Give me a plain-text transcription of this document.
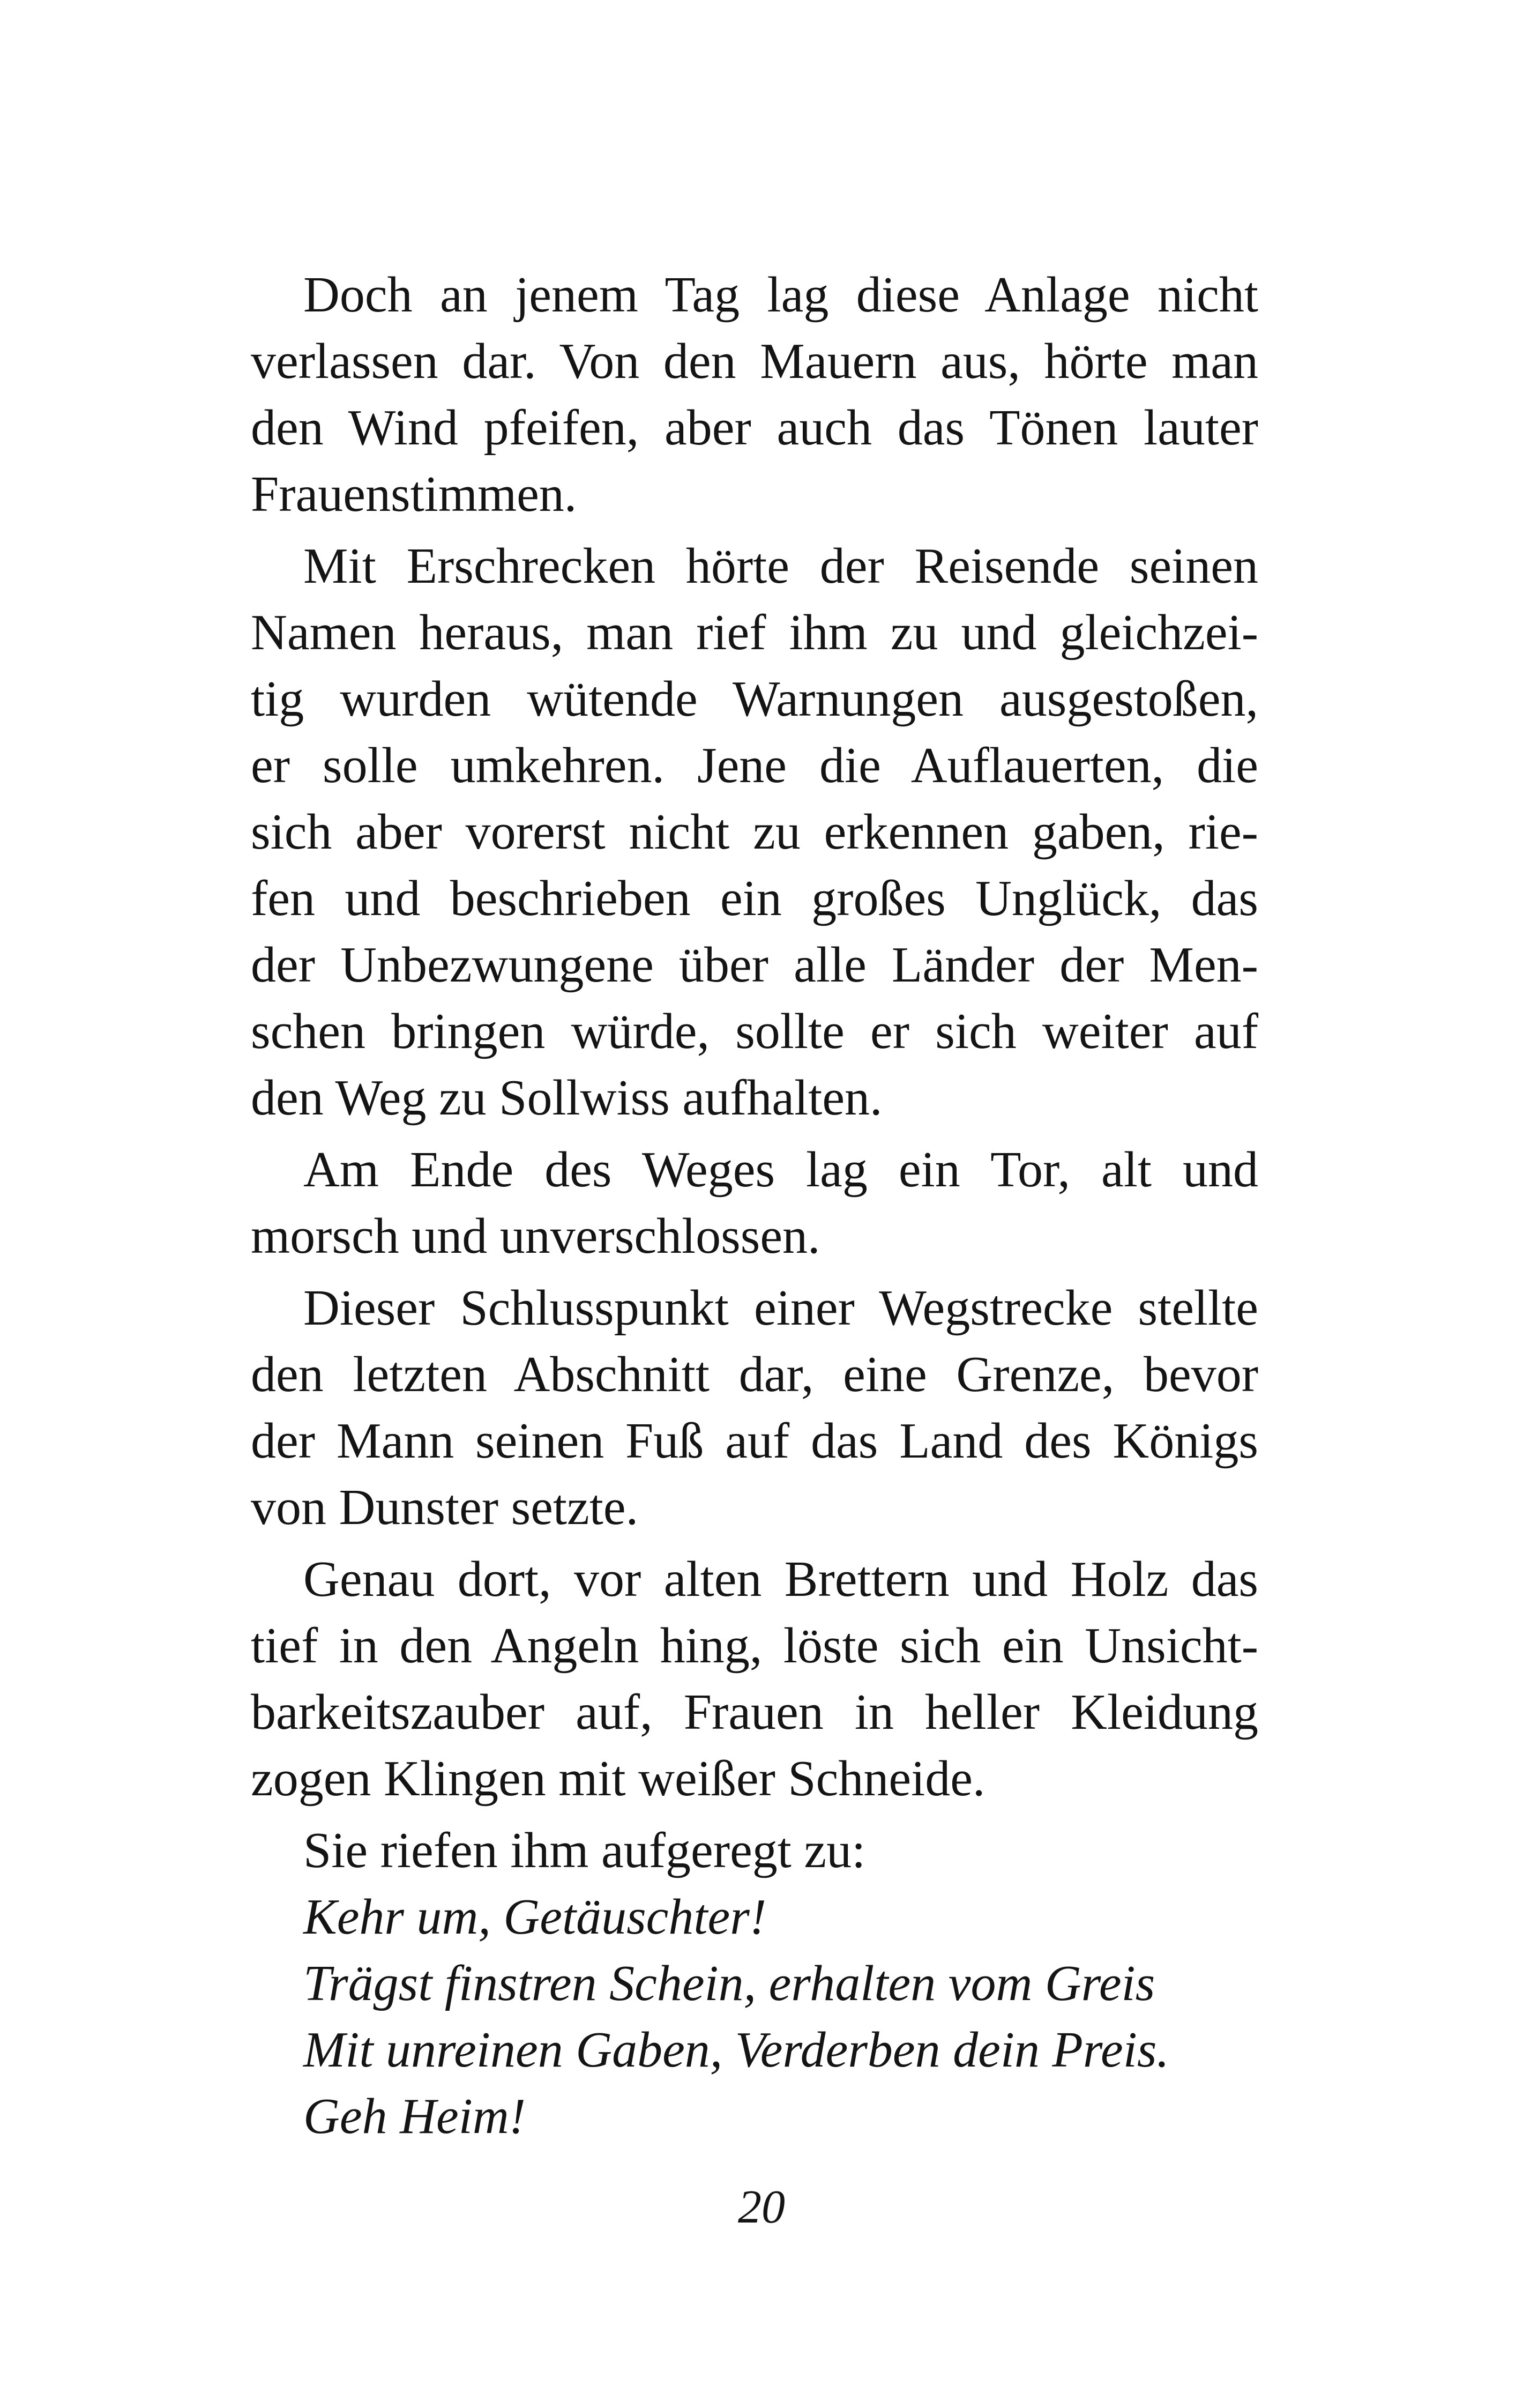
Doch an jenem Tag lag diese Anlage nicht
verlassen dar. Von den Mauern aus, hörte man
den Wind pfeifen, aber auch das Tönen lauter
Frauenstimmen.

Mit Erschrecken hörte der Reisende seinen
Namen heraus, man rief ihm zu und gleichzei-
tig wurden wütende Warnungen ausgestoßen,
er solle umkehren. Jene die Auflauerten, die
sich aber vorerst nicht zu erkennen gaben, rie-
fen und beschrieben ein großes Unglück, das
der Unbezwungene über alle Länder der Men-
schen bringen würde, sollte er sich weiter auf
den Weg zu Sollwiss aufhalten.

Am Ende des Weges lag ein Tor, alt und
morsch und unverschlossen.

Dieser Schlusspunkt einer Wegstrecke stellte
den letzten Abschnitt dar, eine Grenze, bevor
der Mann seinen Fuß auf das Land des Königs
von Dunster setzte.

Genau dort, vor alten Brettern und Holz das
tief in den Angeln hing, löste sich ein Unsicht-
barkeitszauber auf, Frauen in heller Kleidung
zogen Klingen mit weißer Schneide.

Sie riefen ihm aufgeregt zu:

Kehr um, Getäuschter!
Trägst finstren Schein, erhalten vom Greis
Mit unreinen Gaben, Verderben dein Preis.
Geh Heim!

20
